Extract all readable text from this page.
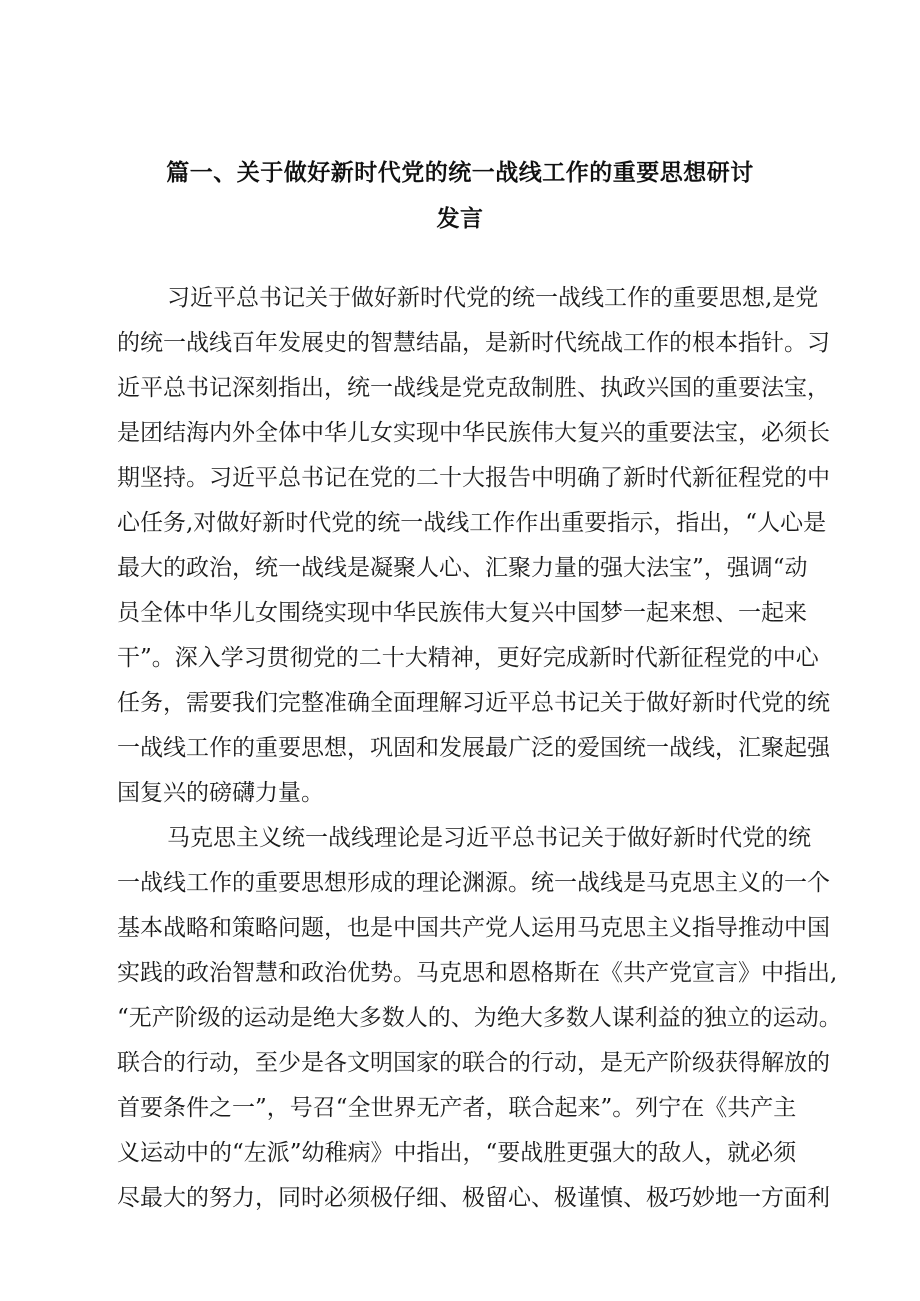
篇一、关于做好新时代党的统一战线工作的重要思想研讨
发言
习近平总书记关于做好新时代党的统一战线工作的重要思想,是党
的统一战线百年发展史的智慧结晶，是新时代统战工作的根本指针。习
近平总书记深刻指出，统一战线是党克敌制胜、执政兴国的重要法宝，
是团结海内外全体中华儿女实现中华民族伟大复兴的重要法宝，必须长
期坚持。习近平总书记在党的二十大报告中明确了新时代新征程党的中
心任务,对做好新时代党的统一战线工作作出重要指示，指出，“人心是
最大的政治，统一战线是凝聚人心、汇聚力量的强大法宝”，强调“动
员全体中华儿女围绕实现中华民族伟大复兴中国梦一起来想、一起来
干”。深入学习贯彻党的二十大精神，更好完成新时代新征程党的中心
任务，需要我们完整准确全面理解习近平总书记关于做好新时代党的统
一战线工作的重要思想，巩固和发展最广泛的爱国统一战线，汇聚起强
国复兴的磅礴力量。
马克思主义统一战线理论是习近平总书记关于做好新时代党的统
一战线工作的重要思想形成的理论渊源。统一战线是马克思主义的一个
基本战略和策略问题，也是中国共产党人运用马克思主义指导推动中国
实践的政治智慧和政治优势。马克思和恩格斯在《共产党宣言》中指出,
“无产阶级的运动是绝大多数人的、为绝大多数人谋利益的独立的运动。
联合的行动，至少是各文明国家的联合的行动，是无产阶级获得解放的
首要条件之一”，号召“全世界无产者，联合起来”。列宁在《共产主
义运动中的“左派”幼稚病》中指出，“要战胜更强大的敌人，就必须
尽最大的努力，同时必须极仔细、极留心、极谨慎、极巧妙地一方面利
